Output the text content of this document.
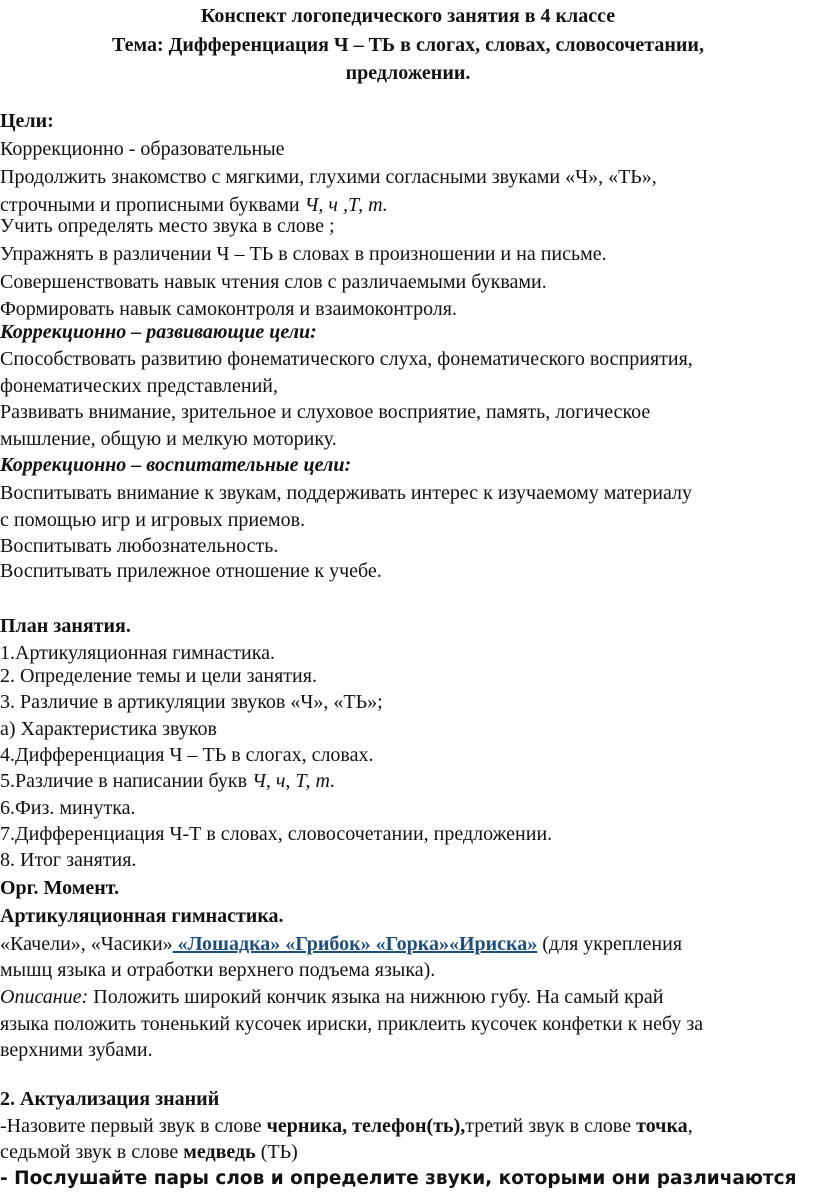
Конспект логопедического занятия в 4 классе
Тема: Дифференциация Ч – ТЬ в слогах, словах, словосочетании,
предложении.
Цели:
Коррекционно - образовательные
Продолжить знакомство с мягкими, глухими согласными звуками «Ч», «ТЬ»,
строчными и прописными буквами Ч, ч ,Т, т.
Учить определять место звука в слове ;
Упражнять в различении Ч – ТЬ в словах в произношении и на письме.
Совершенствовать навык чтения слов с различаемыми буквами.
Формировать навык самоконтроля и взаимоконтроля.
Коррекционно – развивающие цели:
Способствовать развитию фонематического слуха, фонематического восприятия,
фонематических представлений,
Развивать внимание, зрительное и слуховое восприятие, память, логическое
мышление, общую и мелкую моторику.
Коррекционно – воспитательные цели:
Воспитывать внимание к звукам, поддерживать интерес к изучаемому материалу
с помощью игр и игровых приемов.
Воспитывать любознательность.
Воспитывать прилежное отношение к учебе.
План занятия.
1.Артикуляционная гимнастика.
2. Определение темы и цели занятия.
3. Различие в артикуляции звуков «Ч», «ТЬ»;
а) Характеристика звуков
4.Дифференциация Ч – ТЬ в слогах, словах.
5.Различие в написании букв Ч, ч, Т, т.
6.Физ. минутка.
7.Дифференциация Ч-Т в словах, словосочетании, предложении.
8. Итог занятия.
Орг. Момент.
Артикуляционная гимнастика.
«Качели», «Часики» «Лошадка» «Грибок» «Горка»«Ириска» (для укрепления
мышц языка и отработки верхнего подъема языка).
Описание: Положить широкий кончик языка на нижнюю губу. На самый край
языка положить тоненький кусочек ириски, приклеить кусочек конфетки к небу за
верхними зубами.
2. Актуализация знаний
-Назовите первый звук в слове черника, телефон(ть),третий звук в слове точка,
седьмой звук в слове медведь (ТЬ)
- Послушайте пары слов и определите звуки, которыми они различаются
